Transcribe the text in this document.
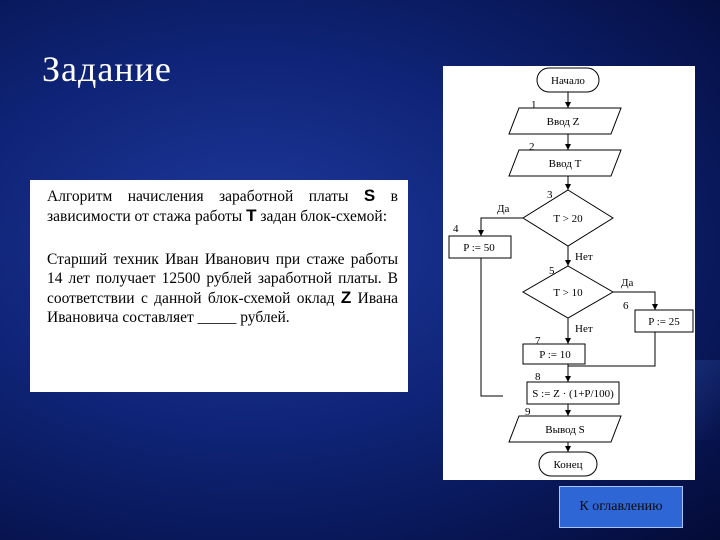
Задание

Алгоритм начисления заработной платы S в зависимости от стажа работы T задан блок-схемой:

Старший техник Иван Иванович при стаже работы 14 лет получает 12500 рублей заработной платы. В соответствии с данной блок-схемой оклад Z Ивана Ивановича составляет _____ рублей.

Начало
1
Ввод Z
2
Ввод T
3
T > 20
Да
Нет
4
P := 50
5
T > 10
Да
Нет
6
P := 25
7
P := 10
8
S := Z · (1+P/100)
9
Вывод S
Конец
К оглавлению
